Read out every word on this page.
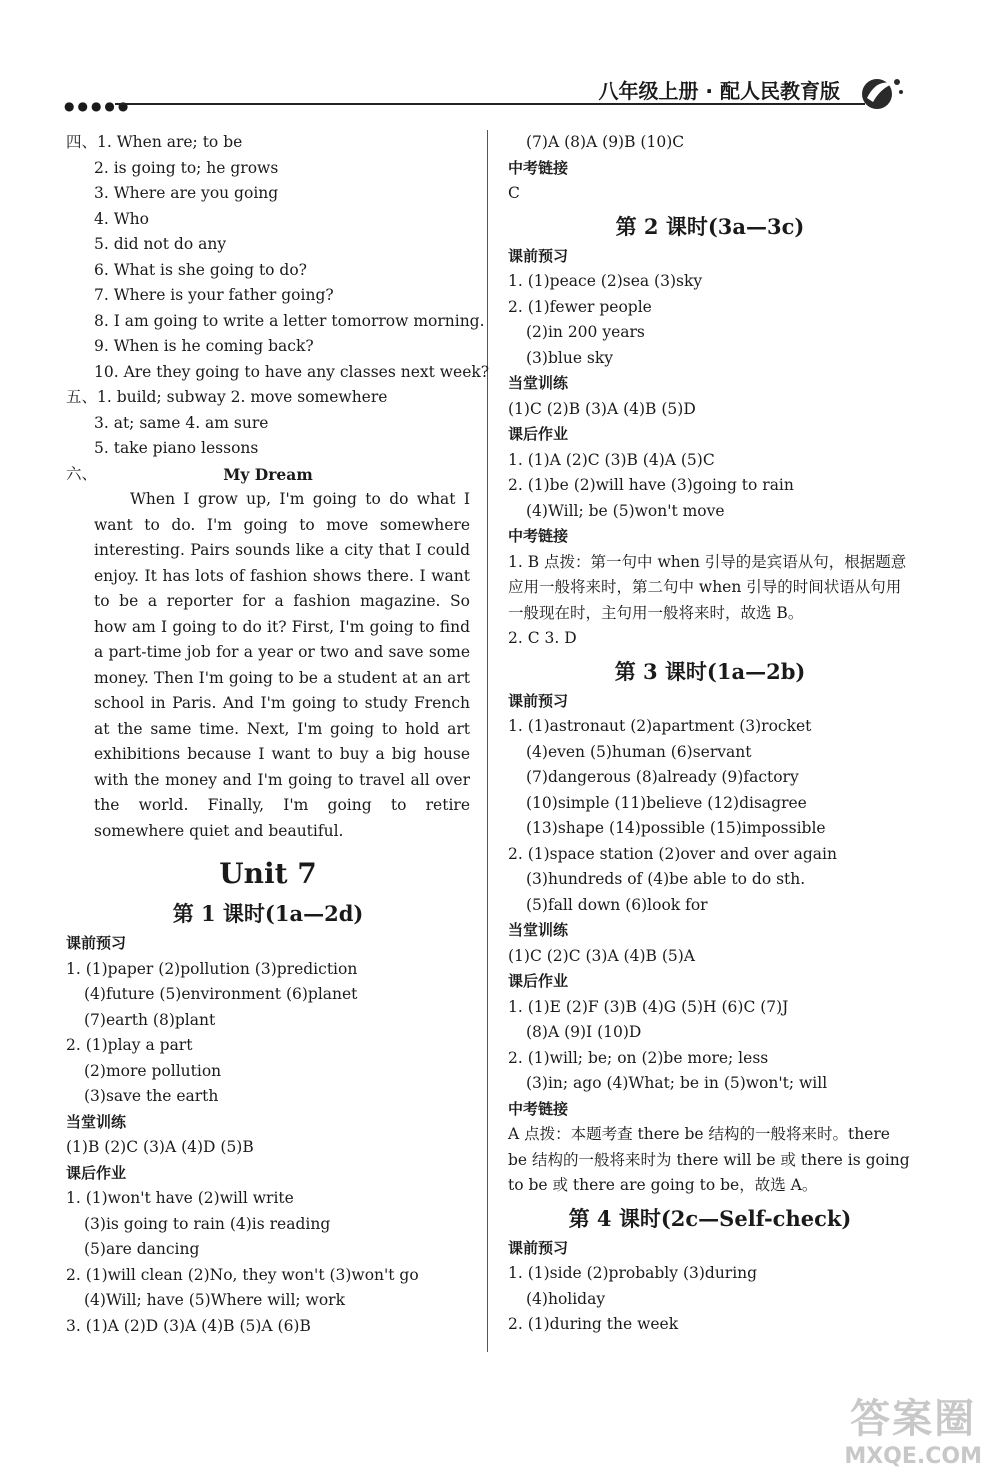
●●●●●
八年级上册 · 配人民教育版
四、1. When are; to be
2. is going to; he grows
3. Where are you going
4. Who
5. did not do any
6. What is she going to do?
7. Where is your father going?
8. I am going to write a letter tomorrow morning.
9. When is he coming back?
10. Are they going to have any classes next week?
五、1. build; subway 2. move somewhere
3. at; same 4. am sure
5. take piano lessons
六、	My Dream

When I grow up, I'm going to do what I want to do. I'm going to move somewhere interesting. Pairs sounds like a city that I could enjoy. It has lots of fashion shows there. I want to be a reporter for a fashion magazine. So how am I going to do it? First, I'm going to find a part-time job for a year or two and save some money. Then I'm going to be a student at an art school in Paris. And I'm going to study French at the same time. Next, I'm going to hold art exhibitions because I want to buy a big house with the money and I'm going to travel all over the world. Finally, I'm going to retire somewhere quiet and beautiful.

Unit 7
第 1 课时(1a—2d)
课前预习
1. (1)paper (2)pollution (3)prediction
(4)future (5)environment (6)planet
(7)earth (8)plant
2. (1)play a part
(2)more pollution
(3)save the earth
当堂训练
(1)B (2)C (3)A (4)D (5)B
课后作业
1. (1)won't have (2)will write
(3)is going to rain (4)is reading
(5)are dancing
2. (1)will clean (2)No, they won't (3)won't go
(4)Will; have (5)Where will; work
3. (1)A (2)D (3)A (4)B (5)A (6)B
(7)A (8)A (9)B (10)C
中考链接
C
第 2 课时(3a—3c)
课前预习
1. (1)peace (2)sea (3)sky
2. (1)fewer people
(2)in 200 years
(3)blue sky
当堂训练
(1)C (2)B (3)A (4)B (5)D
课后作业
1. (1)A (2)C (3)B (4)A (5)C
2. (1)be (2)will have (3)going to rain
(4)Will; be (5)won't move
中考链接
1. B 点拨：第一句中 when 引导的是宾语从句，根据题意应用一般将来时，第二句中 when 引导的时间状语从句用一般现在时，主句用一般将来时，故选 B。
2. C 3. D
第 3 课时(1a—2b)
课前预习
1. (1)astronaut (2)apartment (3)rocket
(4)even (5)human (6)servant
(7)dangerous (8)already (9)factory
(10)simple (11)believe (12)disagree
(13)shape (14)possible (15)impossible
2. (1)space station (2)over and over again
(3)hundreds of (4)be able to do sth.
(5)fall down (6)look for
当堂训练
(1)C (2)C (3)A (4)B (5)A
课后作业
1. (1)E (2)F (3)B (4)G (5)H (6)C (7)J
(8)A (9)I (10)D
2. (1)will; be; on (2)be more; less
(3)in; ago (4)What; be in (5)won't; will
中考链接
A 点拨：本题考查 there be 结构的一般将来时。there be 结构的一般将来时为 there will be 或 there is going to be 或 there are going to be，故选 A。
第 4 课时(2c—Self-check)
课前预习
1. (1)side (2)probably (3)during
(4)holiday
2. (1)during the week
答案圈
MXQE.COM
